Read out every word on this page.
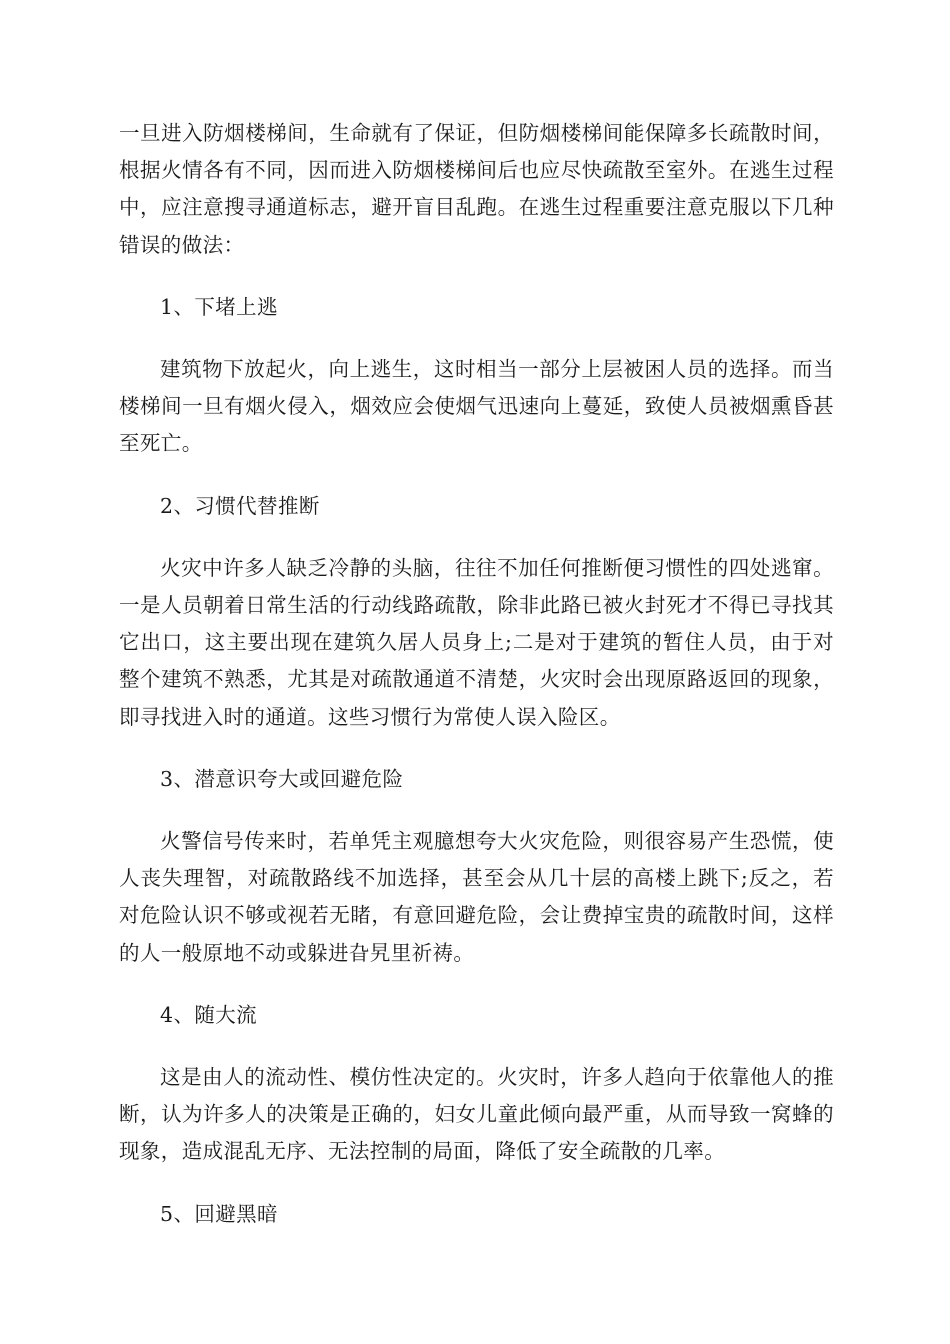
一旦进入防烟楼梯间，生命就有了保证，但防烟楼梯间能保障多长疏散时间，根据火情各有不同，因而进入防烟楼梯间后也应尽快疏散至室外。在逃生过程中，应注意搜寻通道标志，避开盲目乱跑。在逃生过程重要注意克服以下几种错误的做法：

1、下堵上逃

建筑物下放起火，向上逃生，这时相当一部分上层被困人员的选择。而当楼梯间一旦有烟火侵入，烟效应会使烟气迅速向上蔓延，致使人员被烟熏昏甚至死亡。

2、习惯代替推断

火灾中许多人缺乏冷静的头脑，往往不加任何推断便习惯性的四处逃窜。一是人员朝着日常生活的行动线路疏散，除非此路已被火封死才不得已寻找其它出口，这主要出现在建筑久居人员身上;二是对于建筑的暂住人员，由于对整个建筑不熟悉，尤其是对疏散通道不清楚，火灾时会出现原路返回的现象，即寻找进入时的通道。这些习惯行为常使人误入险区。

3、潜意识夸大或回避危险

火警信号传来时，若单凭主观臆想夸大火灾危险，则很容易产生恐慌，使人丧失理智，对疏散路线不加选择，甚至会从几十层的高楼上跳下;反之，若对危险认识不够或视若无睹，有意回避危险，会让费掉宝贵的疏散时间，这样的人一般原地不动或躲进旮旯里祈祷。

4、随大流

这是由人的流动性、模仿性决定的。火灾时，许多人趋向于依靠他人的推断，认为许多人的决策是正确的，妇女儿童此倾向最严重，从而导致一窝蜂的现象，造成混乱无序、无法控制的局面，降低了安全疏散的几率。

5、回避黑暗
